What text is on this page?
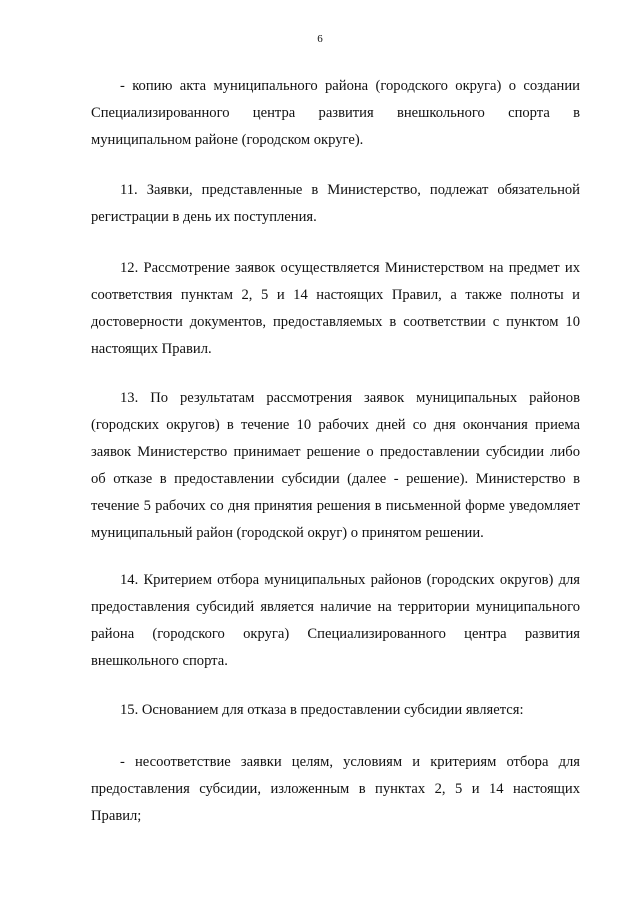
6
- копию акта муниципального района (городского округа) о создании Специализированного центра развития внешкольного спорта в муниципальном районе (городском округе).
11. Заявки, представленные в Министерство, подлежат обязательной регистрации в день их поступления.
12. Рассмотрение заявок осуществляется Министерством на предмет их соответствия пунктам 2, 5 и 14 настоящих Правил, а также полноты и достоверности документов, предоставляемых в соответствии с пунктом 10 настоящих Правил.
13. По результатам рассмотрения заявок муниципальных районов (городских округов) в течение 10 рабочих дней со дня окончания приема заявок Министерство принимает решение о предоставлении субсидии либо об отказе в предоставлении субсидии (далее - решение). Министерство в течение 5 рабочих со дня принятия решения в письменной форме уведомляет муниципальный район (городской округ) о принятом решении.
14. Критерием отбора муниципальных районов (городских округов) для предоставления субсидий является наличие на территории муниципального района (городского округа) Специализированного центра развития внешкольного спорта.
15. Основанием для отказа в предоставлении субсидии является:
- несоответствие заявки целям, условиям и критериям отбора для предоставления субсидии, изложенным в пунктах 2, 5 и 14 настоящих Правил;
